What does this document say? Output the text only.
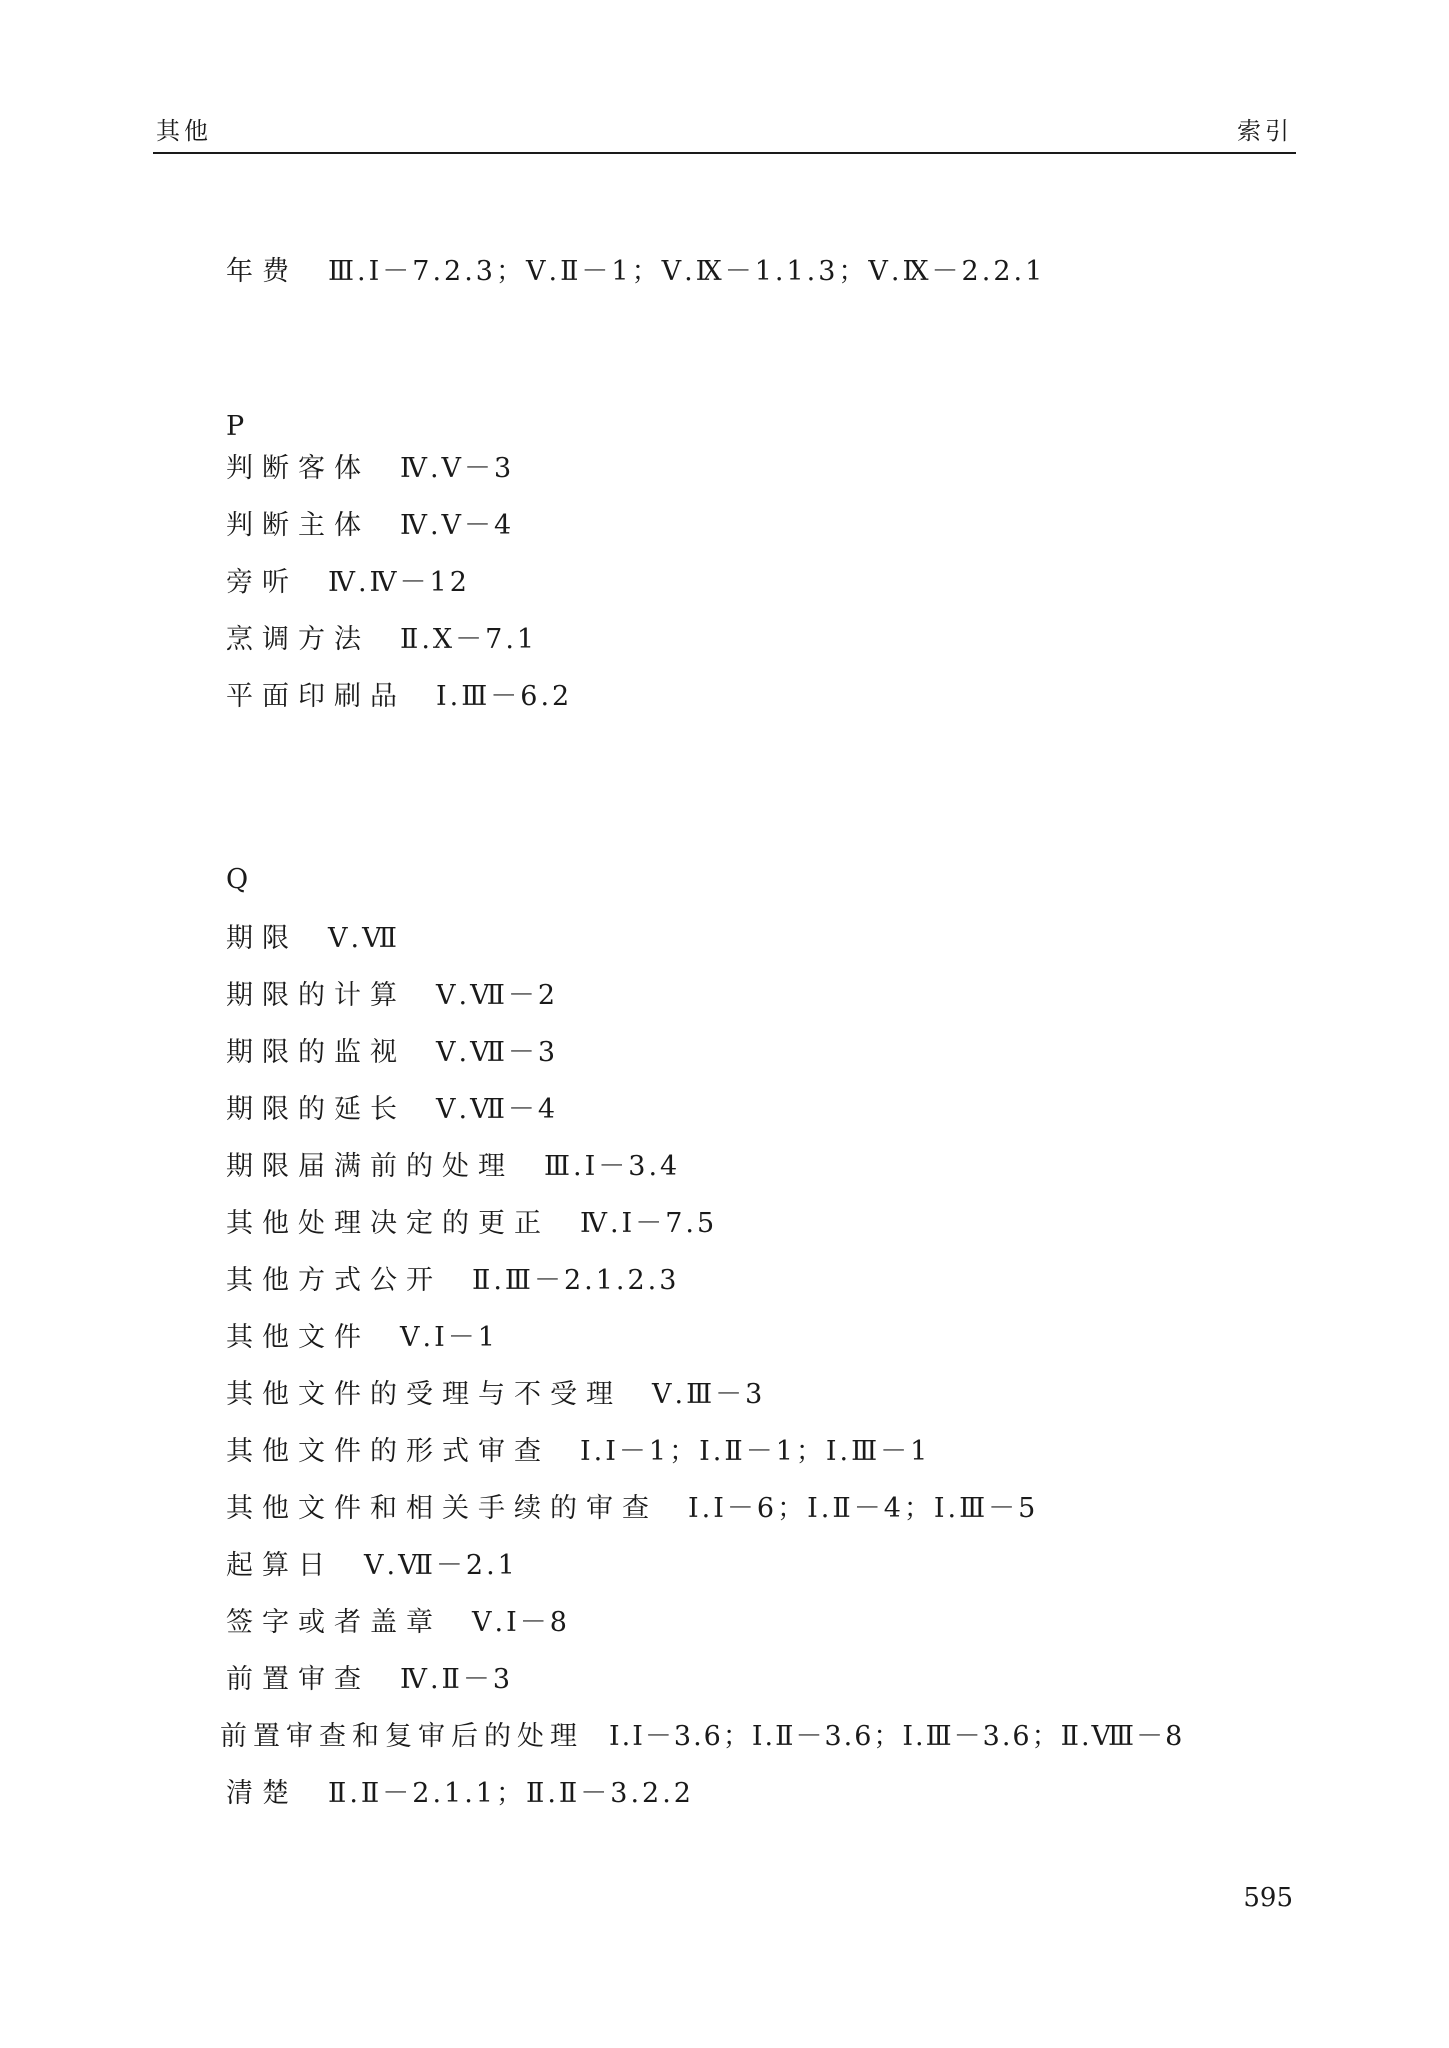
其他	索引
年费 Ⅲ.Ⅰ－7.2.3；Ⅴ.Ⅱ－1；Ⅴ.Ⅸ－1.1.3；Ⅴ.Ⅸ－2.2.1
P
判断客体 Ⅳ.Ⅴ－3
判断主体 Ⅳ.Ⅴ－4
旁听 Ⅳ.Ⅳ－12
烹调方法 Ⅱ.Ⅹ－7.1
平面印刷品 Ⅰ.Ⅲ－6.2
Q
期限 Ⅴ.Ⅶ
期限的计算 Ⅴ.Ⅶ－2
期限的监视 Ⅴ.Ⅶ－3
期限的延长 Ⅴ.Ⅶ－4
期限届满前的处理 Ⅲ.Ⅰ－3.4
其他处理决定的更正 Ⅳ.Ⅰ－7.5
其他方式公开 Ⅱ.Ⅲ－2.1.2.3
其他文件 Ⅴ.Ⅰ－1
其他文件的受理与不受理 Ⅴ.Ⅲ－3
其他文件的形式审查 Ⅰ.Ⅰ－1；Ⅰ.Ⅱ－1；Ⅰ.Ⅲ－1
其他文件和相关手续的审查 Ⅰ.Ⅰ－6；Ⅰ.Ⅱ－4；Ⅰ.Ⅲ－5
起算日 Ⅴ.Ⅶ－2.1
签字或者盖章 Ⅴ.Ⅰ－8
前置审查 Ⅳ.Ⅱ－3
前置审查和复审后的处理 Ⅰ.Ⅰ－3.6；Ⅰ.Ⅱ－3.6；Ⅰ.Ⅲ－3.6；Ⅱ.Ⅷ－8
清楚 Ⅱ.Ⅱ－2.1.1；Ⅱ.Ⅱ－3.2.2
595
